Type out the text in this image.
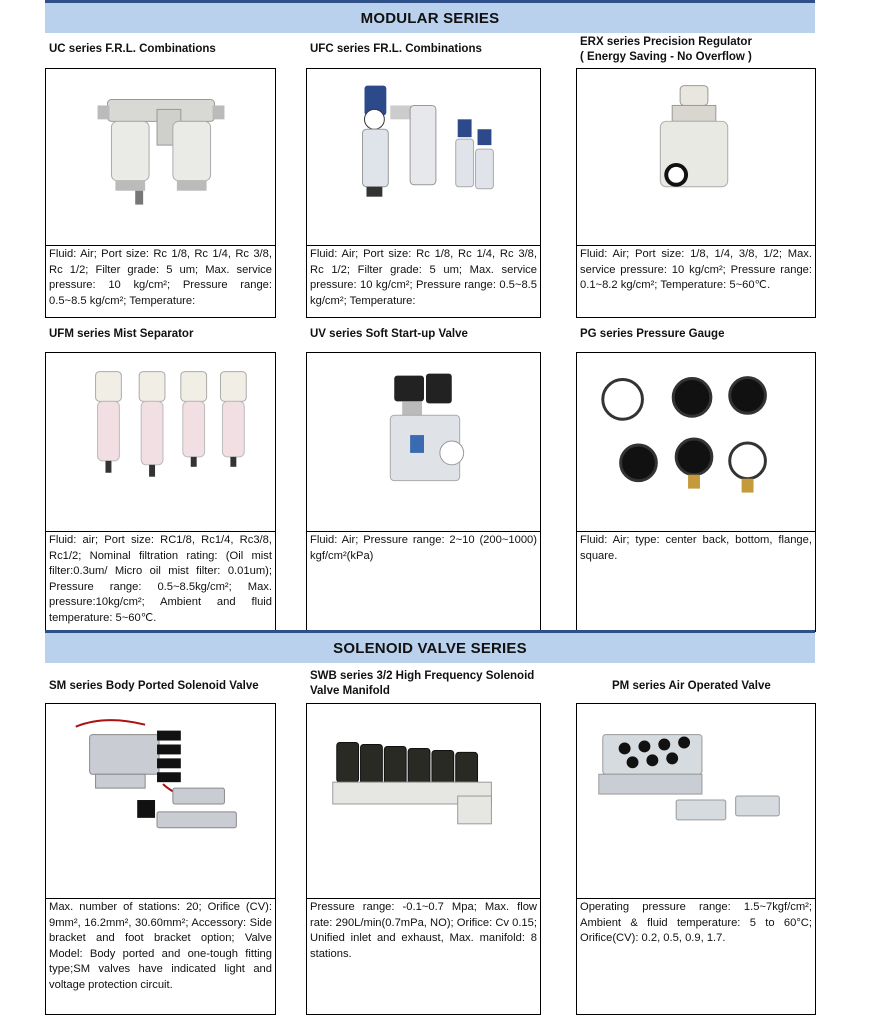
MODULAR SERIES
UC series F.R.L. Combinations	UFC series FR.L. Combinations
ERX series Precision Regulator
( Energy Saving - No Overflow )
Fluid: Air; Port size: Rc 1/8, Rc 1/4, Rc 3/8, Rc 1/2; Filter grade: 5 um; Max. service pressure: 10 kg/cm²; Pressure range: 0.5~8.5 kg/cm²; Temperature:
Fluid: Air; Port size: Rc 1/8, Rc 1/4, Rc 3/8, Rc 1/2; Filter grade: 5 um; Max. service pressure: 10 kg/cm²; Pressure range: 0.5~8.5 kg/cm²; Temperature:
Fluid: Air; Port size: 1/8, 1/4, 3/8, 1/2; Max. service pressure: 10 kg/cm²; Pressure range: 0.1~8.2 kg/cm²; Temperature: 5~60℃.
UFM series Mist Separator	UV series Soft Start-up Valve	PG series Pressure Gauge
Fluid: air; Port size: RC1/8, Rc1/4, Rc3/8, Rc1/2; Nominal filtration rating: (Oil mist filter:0.3um/ Micro oil mist filter: 0.01um); Pressure range: 0.5~8.5kg/cm²; Max. pressure:10kg/cm²; Ambient and fluid temperature: 5~60℃.
Fluid: Air; Pressure range: 2~10 (200~1000) kgf/cm²(kPa)
Fluid: Air; type: center back, bottom, flange, square.
SOLENOID VALVE SERIES
SM series Body Ported Solenoid Valve
SWB series 3/2 High Frequency Solenoid
Valve Manifold	PM series Air Operated Valve
Max. number of stations: 20; Orifice (CV): 9mm², 16.2mm², 30.60mm²; Accessory: Side bracket and foot bracket option; Valve Model: Body ported and one-tough fitting type;SM valves have indicated light and voltage protection circuit.
Pressure range: -0.1~0.7 Mpa; Max. flow rate: 290L/min(0.7mPa, NO); Orifice: Cv 0.15; Unified inlet and exhaust, Max. manifold: 8 stations.
Operating pressure range: 1.5~7kgf/cm²; Ambient & fluid temperature: 5 to 60°C; Orifice(CV): 0.2, 0.5, 0.9, 1.7.
